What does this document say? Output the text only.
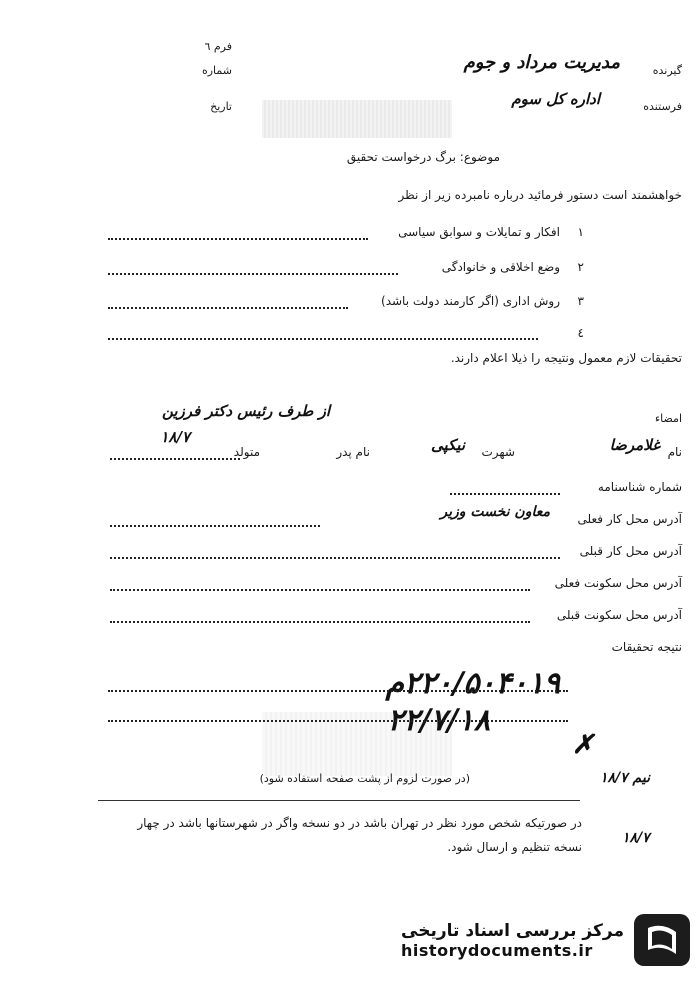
فرم ٦
گیرنده
مدیریت مرداد و جوم
شماره
فرستنده
اداره کل سوم
تاریخ
موضوع: برگ درخواست تحقیق
خواهشمند است دستور فرمائید درباره نامبرده زیر از نظر
۱
افکار و تمایلات و سوابق سیاسی
۲
وضع اخلاقی و خانوادگی
۳
روش اداری (اگر کارمند دولت باشد)
٤
تحقیقات لازم معمول ونتیجه را ذیلا اعلام دارند.
امضاء
از طرف رئیس دکتر فرزین
۱۸/۷
نام
غلامرضا
شهرت
نیکپی
نام پدر
متولد
شماره شناسنامه
آدرس محل کار فعلی
معاون نخست وزیر
آدرس محل کار قبلی
آدرس محل سکونت فعلی
آدرس محل سکونت قبلی
نتیجه تحقیقات
۲۲۰/۵۰۴۰۱۹م
۲۲/۷/۱۸
(در صورت لزوم از پشت صفحه استفاده شود)
✗
نیم ۱۸/۷
۱۸/۷
در صورتیکه شخص مورد نظر در تهران باشد در دو نسخه واگر در شهرستانها باشد در چهار
نسخه تنظیم و ارسال شود.
مرکز بررسی اسناد تاریخی
historydocuments.ir
